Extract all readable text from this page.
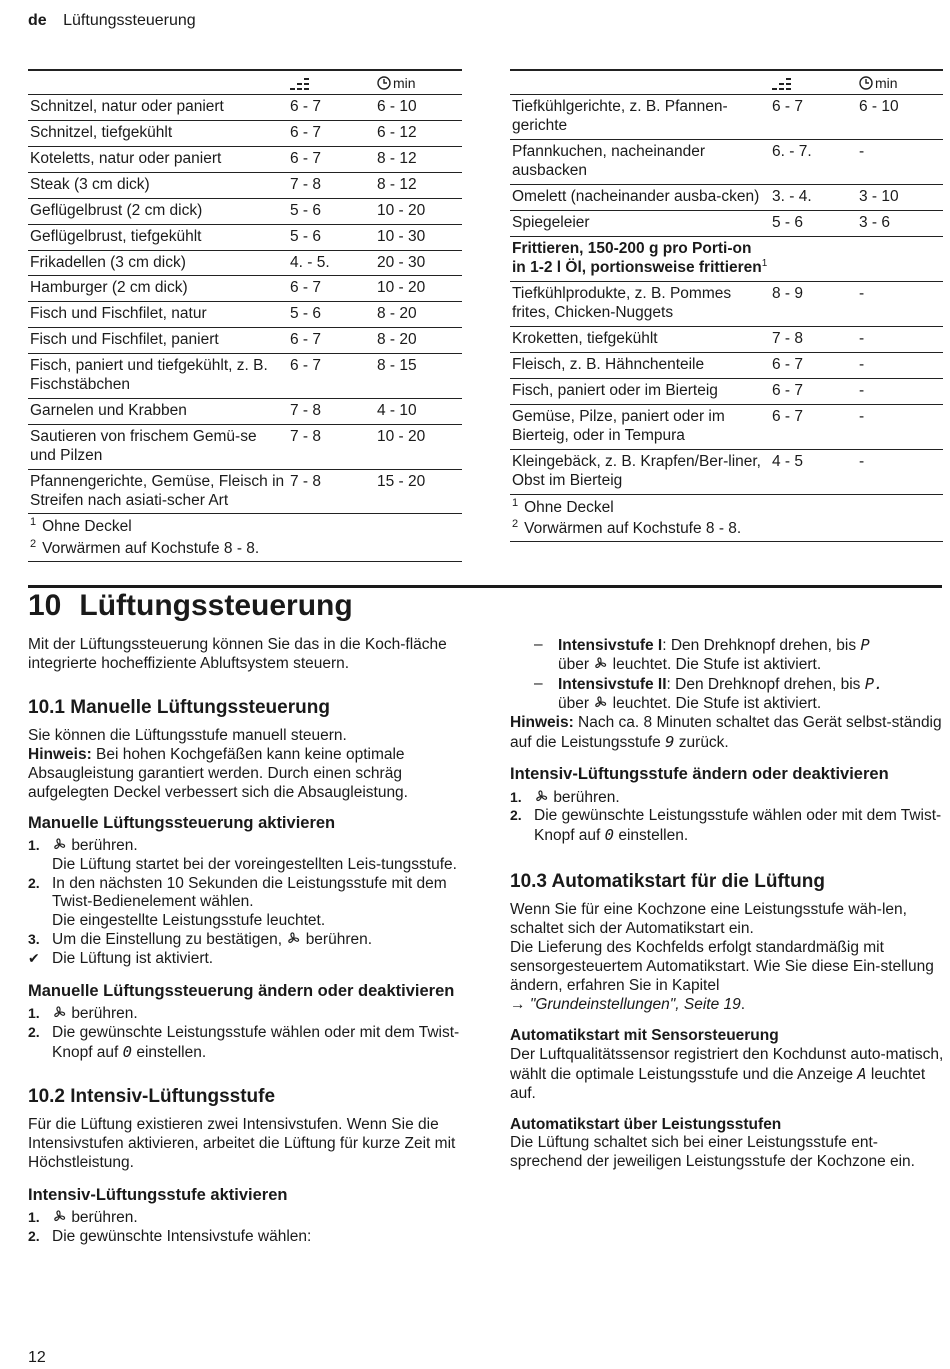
de Lüftungssteuerung
		min
Schnitzel, natur oder paniert	6 - 7	6 - 10
Schnitzel, tiefgekühlt	6 - 7	6 - 12
Koteletts, natur oder paniert	6 - 7	8 - 12
Steak (3 cm dick)	7 - 8	8 - 12
Geflügelbrust (2 cm dick)	5 - 6	10 - 20
Geflügelbrust, tiefgekühlt	5 - 6	10 - 30
Frikadellen (3 cm dick)	4. - 5.	20 - 30
Hamburger (2 cm dick)	6 - 7	10 - 20
Fisch und Fischfilet, natur	5 - 6	8 - 20
Fisch und Fischfilet, paniert	6 - 7	8 - 20
Fisch, paniert und tiefgekühlt, z. B. Fischstäbchen	6 - 7	8 - 15
Garnelen und Krabben	7 - 8	4 - 10
Sautieren von frischem Gemü-se und Pilzen	7 - 8	10 - 20
Pfannengerichte, Gemüse, Fleisch in Streifen nach asiati-scher Art	7 - 8	15 - 20

$^1$ Ohne Deckel
$^2$ Vorwärmen auf Kochstufe 8 - 8.		
		min
Tiefkühlgerichte, z. B. Pfannen-gerichte	6 - 7	6 - 10
Pfannkuchen, nacheinander ausbacken	6. - 7.	-
Omelett (nacheinander ausba-cken)	3. - 4.	3 - 10
Spiegeleier	5 - 6	3 - 6
Frittieren, 150-200 g pro Porti-on in 1-2 l Öl, portionsweise frittieren$^1$		
Tiefkühlprodukte, z. B. Pommes frites, Chicken-Nuggets	8 - 9	-
Kroketten, tiefgekühlt	7 - 8	-
Fleisch, z. B. Hähnchenteile	6 - 7	-
Fisch, paniert oder im Bierteig	6 - 7	-
Gemüse, Pilze, paniert oder im Bierteig, oder in Tempura	6 - 7	-
Kleingebäck, z. B. Krapfen/Ber-liner, Obst im Bierteig	4 - 5	-

$^1$ Ohne Deckel
$^2$ Vorwärmen auf Kochstufe 8 - 8.		
10 Lüftungssteuerung

Mit der Lüftungssteuerung können Sie das in die Koch-fläche integrierte hocheffiziente Abluftsystem steuern.

10.1 Manuelle Lüftungssteuerung

Sie können die Lüftungsstufe manuell steuern.

Hinweis: Bei hohen Kochgefäßen kann keine optimale Absaugleistung garantiert werden. Durch einen schräg aufgelegten Deckel verbessert sich die Absaugleistung.

Manuelle Lüftungssteuerung aktivieren

1. berühren.
Die Lüftung startet bei der voreingestellten Leis-tungsstufe.
2. In den nächsten 10 Sekunden die Leistungsstufe mit dem Twist-Bedienelement wählen.
Die eingestellte Leistungsstufe leuchtet.
3. Um die Einstellung zu bestätigen, berühren.
✔ Die Lüftung ist aktiviert.

Manuelle Lüftungssteuerung ändern oder deaktivieren

1. berühren.
2. Die gewünschte Leistungsstufe wählen oder mit dem Twist-Knopf auf 0 einstellen.

10.2 Intensiv-Lüftungsstufe

Für die Lüftung existieren zwei Intensivstufen. Wenn Sie die Intensivstufen aktivieren, arbeitet die Lüftung für kurze Zeit mit Höchstleistung.

Intensiv-Lüftungsstufe aktivieren

1. berühren.
2. Die gewünschte Intensivstufe wählen:
– Intensivstufe I: Den Drehknopf drehen, bis P
über leuchtet. Die Stufe ist aktiviert.
– Intensivstufe II: Den Drehknopf drehen, bis P.
über leuchtet. Die Stufe ist aktiviert.

Hinweis: Nach ca. 8 Minuten schaltet das Gerät selbst-ständig auf die Leistungsstufe 9 zurück.

Intensiv-Lüftungsstufe ändern oder deaktivieren

1. berühren.
2. Die gewünschte Leistungsstufe wählen oder mit dem Twist-Knopf auf 0 einstellen.

10.3 Automatikstart für die Lüftung

Wenn Sie für eine Kochzone eine Leistungsstufe wäh-len, schaltet sich der Automatikstart ein.

Die Lieferung des Kochfelds erfolgt standardmäßig mit sensorgesteuertem Automatikstart. Wie Sie diese Ein-stellung ändern, erfahren Sie in Kapitel
→ "Grundeinstellungen", Seite 19.

Automatikstart mit Sensorsteuerung

Der Luftqualitätssensor registriert den Kochdunst auto-matisch, wählt die optimale Leistungsstufe und die Anzeige A leuchtet auf.

Automatikstart über Leistungsstufen

Die Lüftung schaltet sich bei einer Leistungsstufe ent-sprechend der jeweiligen Leistungsstufe der Kochzone ein.

12
